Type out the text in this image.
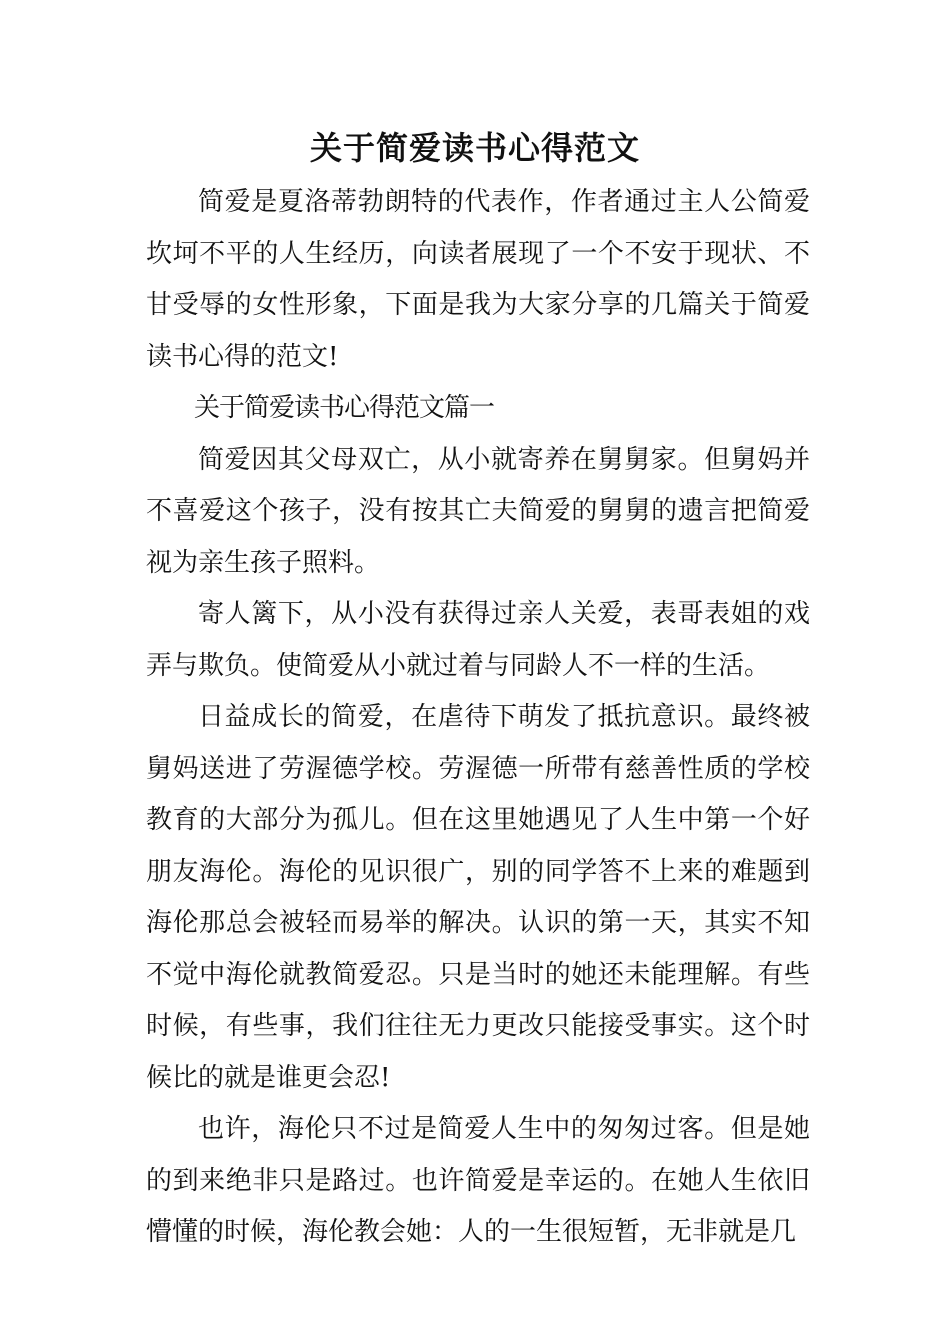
关于简爱读书心得范文

简爱是夏洛蒂勃朗特的代表作，作者通过主人公简爱坎坷不平的人生经历，向读者展现了一个不安于现状、不甘受辱的女性形象，下面是我为大家分享的几篇关于简爱读书心得的范文!

关于简爱读书心得范文篇一

简爱因其父母双亡，从小就寄养在舅舅家。但舅妈并不喜爱这个孩子，没有按其亡夫简爱的舅舅的遗言把简爱视为亲生孩子照料。

寄人篱下，从小没有获得过亲人关爱，表哥表姐的戏弄与欺负。使简爱从小就过着与同龄人不一样的生活。

日益成长的简爱，在虐待下萌发了抵抗意识。最终被舅妈送进了劳渥德学校。劳渥德一所带有慈善性质的学校教育的大部分为孤儿。但在这里她遇见了人生中第一个好朋友海伦。海伦的见识很广，别的同学答不上来的难题到海伦那总会被轻而易举的解决。认识的第一天，其实不知不觉中海伦就教简爱忍。只是当时的她还未能理解。有些时候，有些事，我们往往无力更改只能接受事实。这个时候比的就是谁更会忍!

也许，海伦只不过是简爱人生中的匆匆过客。但是她的到来绝非只是路过。也许简爱是幸运的。在她人生依旧懵懂的时候，海伦教会她：人的一生很短暂，无非就是几
